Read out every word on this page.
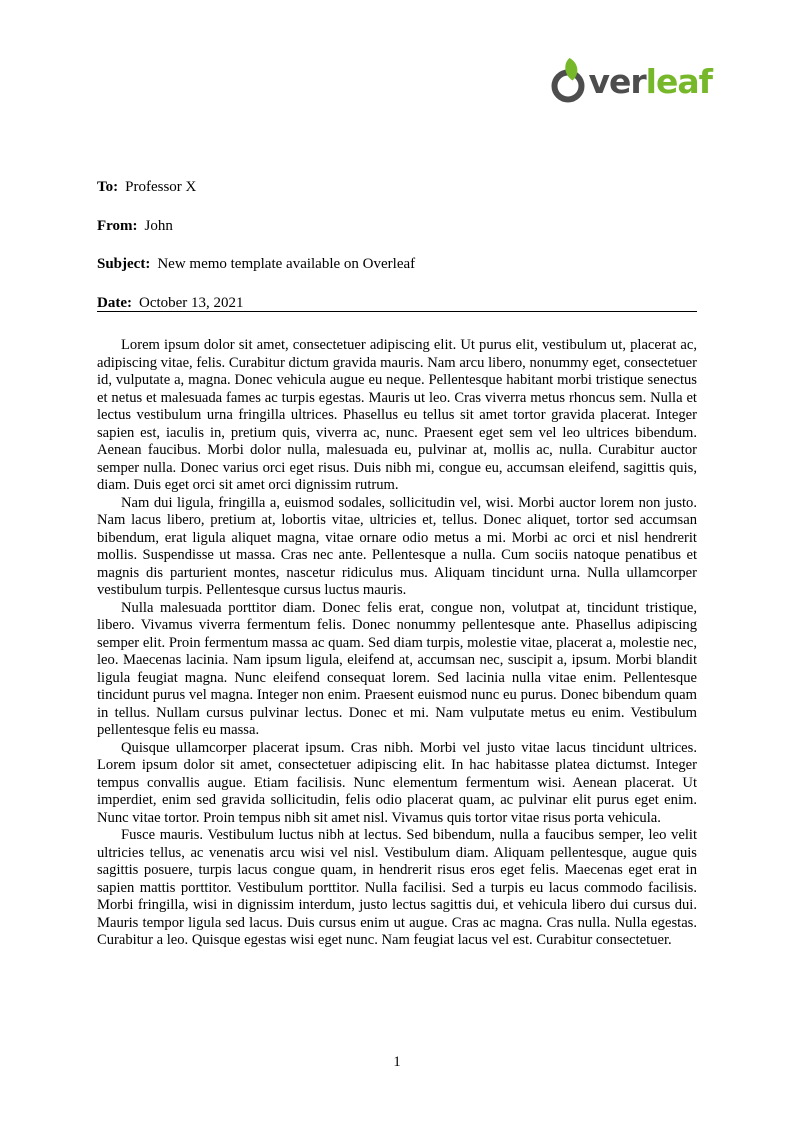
ver leaf
To: Professor X
From: John
Subject: New memo template available on Overleaf
Date: October 13, 2021

Lorem ipsum dolor sit amet, consectetuer adipiscing elit. Ut purus elit, vestibulum ut, placerat ac, adipiscing vitae, felis. Curabitur dictum gravida mauris. Nam arcu libero, nonummy eget, consectetuer id, vulputate a, magna. Donec vehicula augue eu neque. Pellentesque habitant morbi tristique senectus et netus et malesuada fames ac turpis egestas. Mauris ut leo. Cras viverra metus rhoncus sem. Nulla et lectus vestibulum urna fringilla ultrices. Phasellus eu tellus sit amet tortor gravida placerat. Integer sapien est, iaculis in, pretium quis, viverra ac, nunc. Praesent eget sem vel leo ultrices bibendum. Aenean faucibus. Morbi dolor nulla, malesuada eu, pulvinar at, mollis ac, nulla. Curabitur auctor semper nulla. Donec varius orci eget risus. Duis nibh mi, congue eu, accumsan eleifend, sagittis quis, diam. Duis eget orci sit amet orci dignissim rutrum.

Nam dui ligula, fringilla a, euismod sodales, sollicitudin vel, wisi. Morbi auctor lorem non justo. Nam lacus libero, pretium at, lobortis vitae, ultricies et, tellus. Donec aliquet, tortor sed accumsan bibendum, erat ligula aliquet magna, vitae ornare odio metus a mi. Morbi ac orci et nisl hendrerit mollis. Suspendisse ut massa. Cras nec ante. Pellentesque a nulla. Cum sociis natoque penatibus et magnis dis parturient montes, nascetur ridiculus mus. Aliquam tincidunt urna. Nulla ullamcorper vestibulum turpis. Pellentesque cursus luctus mauris.

Nulla malesuada porttitor diam. Donec felis erat, congue non, volutpat at, tincidunt tristique, libero. Vivamus viverra fermentum felis. Donec nonummy pellentesque ante. Phasellus adipiscing semper elit. Proin fermentum massa ac quam. Sed diam turpis, molestie vitae, placerat a, molestie nec, leo. Maecenas lacinia. Nam ipsum ligula, eleifend at, accumsan nec, suscipit a, ipsum. Morbi blandit ligula feugiat magna. Nunc eleifend consequat lorem. Sed lacinia nulla vitae enim. Pellentesque tincidunt purus vel magna. Integer non enim. Praesent euismod nunc eu purus. Donec bibendum quam in tellus. Nullam cursus pulvinar lectus. Donec et mi. Nam vulputate metus eu enim. Vestibulum pellentesque felis eu massa.

Quisque ullamcorper placerat ipsum. Cras nibh. Morbi vel justo vitae lacus tincidunt ultrices. Lorem ipsum dolor sit amet, consectetuer adipiscing elit. In hac habitasse platea dictumst. Integer tempus convallis augue. Etiam facilisis. Nunc elementum fermentum wisi. Aenean placerat. Ut imperdiet, enim sed gravida sollicitudin, felis odio placerat quam, ac pulvinar elit purus eget enim. Nunc vitae tortor. Proin tempus nibh sit amet nisl. Vivamus quis tortor vitae risus porta vehicula.

Fusce mauris. Vestibulum luctus nibh at lectus. Sed bibendum, nulla a faucibus semper, leo velit ultricies tellus, ac venenatis arcu wisi vel nisl. Vestibulum diam. Aliquam pellentesque, augue quis sagittis posuere, turpis lacus congue quam, in hendrerit risus eros eget felis. Maecenas eget erat in sapien mattis porttitor. Vestibulum porttitor. Nulla facilisi. Sed a turpis eu lacus commodo facilisis. Morbi fringilla, wisi in dignissim interdum, justo lectus sagittis dui, et vehicula libero dui cursus dui. Mauris tempor ligula sed lacus. Duis cursus enim ut augue. Cras ac magna. Cras nulla. Nulla egestas. Curabitur a leo. Quisque egestas wisi eget nunc. Nam feugiat lacus vel est. Curabitur consectetuer.

1
